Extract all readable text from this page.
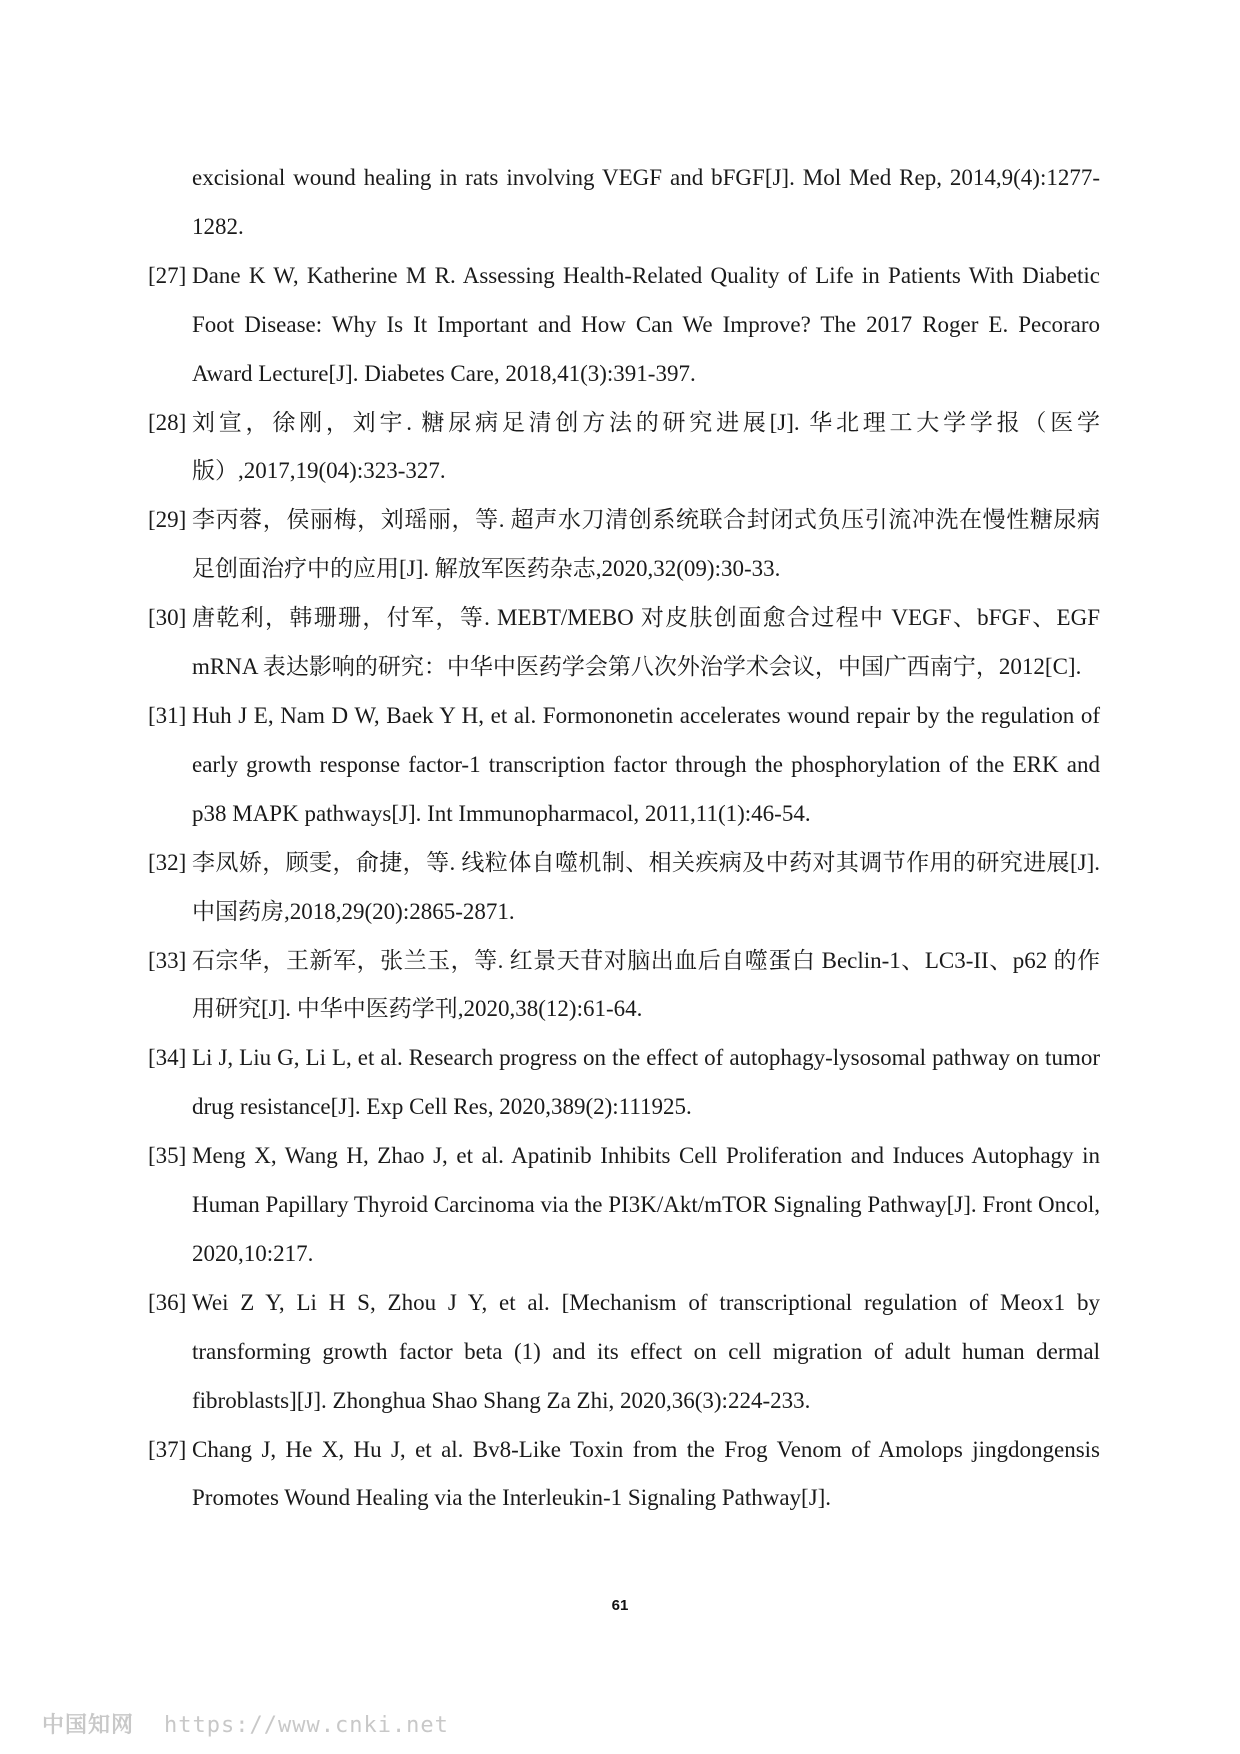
excisional wound healing in rats involving VEGF and bFGF[J]. Mol Med Rep, 2014,9(4):1277-1282.
[27] Dane K W, Katherine M R. Assessing Health-Related Quality of Life in Patients With Diabetic Foot Disease: Why Is It Important and How Can We Improve? The 2017 Roger E. Pecoraro Award Lecture[J]. Diabetes Care, 2018,41(3):391-397.
[28] 刘宣，徐刚，刘宇. 糖尿病足清创方法的研究进展[J]. 华北理工大学学报（医学版）,2017,19(04):323-327.
[29] 李丙蓉，侯丽梅，刘瑶丽，等. 超声水刀清创系统联合封闭式负压引流冲洗在慢性糖尿病足创面治疗中的应用[J]. 解放军医药杂志,2020,32(09):30-33.
[30] 唐乾利，韩珊珊，付军，等. MEBT/MEBO 对皮肤创面愈合过程中 VEGF、bFGF、EGF mRNA 表达影响的研究：中华中医药学会第八次外治学术会议，中国广西南宁，2012[C].
[31] Huh J E, Nam D W, Baek Y H, et al. Formononetin accelerates wound repair by the regulation of early growth response factor-1 transcription factor through the phosphorylation of the ERK and p38 MAPK pathways[J]. Int Immunopharmacol, 2011,11(1):46-54.
[32] 李凤娇，顾雯，俞捷，等. 线粒体自噬机制、相关疾病及中药对其调节作用的研究进展[J]. 中国药房,2018,29(20):2865-2871.
[33] 石宗华，王新军，张兰玉，等. 红景天苷对脑出血后自噬蛋白 Beclin-1、LC3-II、p62 的作用研究[J]. 中华中医药学刊,2020,38(12):61-64.
[34] Li J, Liu G, Li L, et al. Research progress on the effect of autophagy-lysosomal pathway on tumor drug resistance[J]. Exp Cell Res, 2020,389(2):111925.
[35] Meng X, Wang H, Zhao J, et al. Apatinib Inhibits Cell Proliferation and Induces Autophagy in Human Papillary Thyroid Carcinoma via the PI3K/Akt/mTOR Signaling Pathway[J]. Front Oncol, 2020,10:217.
[36] Wei Z Y, Li H S, Zhou J Y, et al. [Mechanism of transcriptional regulation of Meox1 by transforming growth factor beta (1) and its effect on cell migration of adult human dermal fibroblasts][J]. Zhonghua Shao Shang Za Zhi, 2020,36(3):224-233.
[37] Chang J, He X, Hu J, et al. Bv8-Like Toxin from the Frog Venom of Amolops jingdongensis Promotes Wound Healing via the Interleukin-1 Signaling Pathway[J].
61
中国知网 https://www.cnki.net
